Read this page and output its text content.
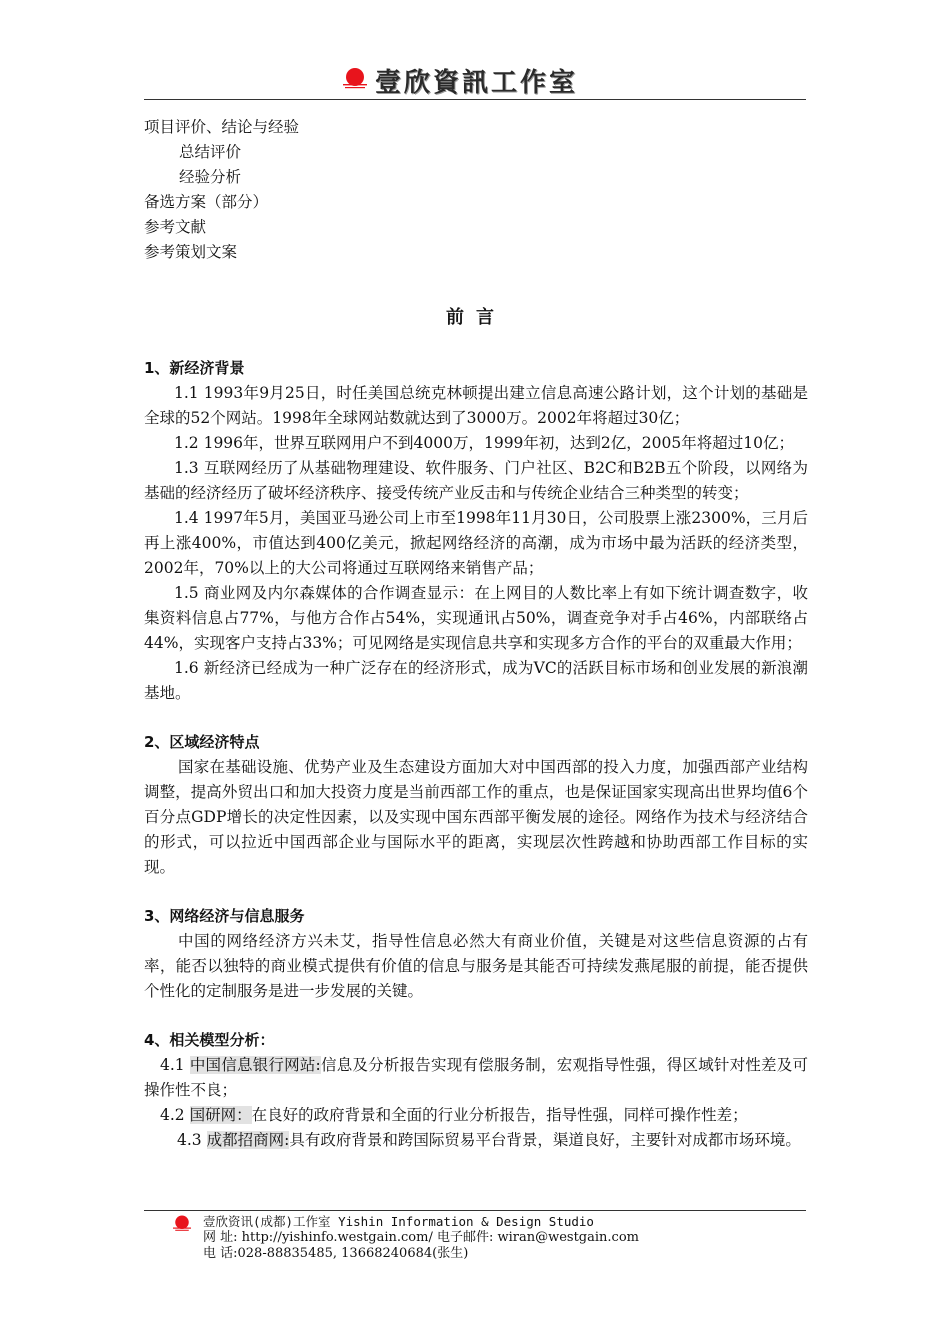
壹欣資訊工作室

项目评价、结论与经验

总结评价

经验分析

备选方案（部分）

参考文献

参考策划文案

前言

1、新经济背景

1.1 1993年9月25日，时任美国总统克林顿提出建立信息高速公路计划，这个计划的基础是全球的52个网站。1998年全球网站数就达到了3000万。2002年将超过30亿；

1.2 1996年，世界互联网用户不到4000万，1999年初，达到2亿，2005年将超过10亿；

1.3 互联网经历了从基础物理建设、软件服务、门户社区、B2C和B2B五个阶段，以网络为基础的经济经历了破坏经济秩序、接受传统产业反击和与传统企业结合三种类型的转变；

1.4 1997年5月，美国亚马逊公司上市至1998年11月30日，公司股票上涨2300%，三月后再上涨400%，市值达到400亿美元，掀起网络经济的高潮，成为市场中最为活跃的经济类型，2002年，70%以上的大公司将通过互联网络来销售产品；

1.5 商业网及内尔森媒体的合作调查显示：在上网目的人数比率上有如下统计调查数字，收集资料信息占77%，与他方合作占54%，实现通讯占50%，调查竞争对手占46%，内部联络占44%，实现客户支持占33%；可见网络是实现信息共享和实现多方合作的平台的双重最大作用；

1.6 新经济已经成为一种广泛存在的经济形式，成为VC的活跃目标市场和创业发展的新浪潮基地。

2、区域经济特点

国家在基础设施、优势产业及生态建设方面加大对中国西部的投入力度，加强西部产业结构调整，提高外贸出口和加大投资力度是当前西部工作的重点，也是保证国家实现高出世界均值6个百分点GDP增长的决定性因素，以及实现中国东西部平衡发展的途径。网络作为技术与经济结合的形式，可以拉近中国西部企业与国际水平的距离，实现层次性跨越和协助西部工作目标的实现。

3、网络经济与信息服务

中国的网络经济方兴未艾，指导性信息必然大有商业价值，关键是对这些信息资源的占有率，能否以独特的商业模式提供有价值的信息与服务是其能否可持续发燕尾服的前提，能否提供个性化的定制服务是进一步发展的关键。

4、相关模型分析：

4.1 中国信息银行网站:信息及分析报告实现有偿服务制，宏观指导性强，得区域针对性差及可操作性不良；

4.2 国研网：在良好的政府背景和全面的行业分析报告，指导性强，同样可操作性差；

4.3 成都招商网:具有政府背景和跨国际贸易平台背景，渠道良好，主要针对成都市场环境。

壹欣资讯(成都)工作室 Yishin Information & Design Studio
网 址: http://yishinfo.westgain.com/ 电子邮件: wiran@westgain.com
电 话:028-88835485, 13668240684(张生)
